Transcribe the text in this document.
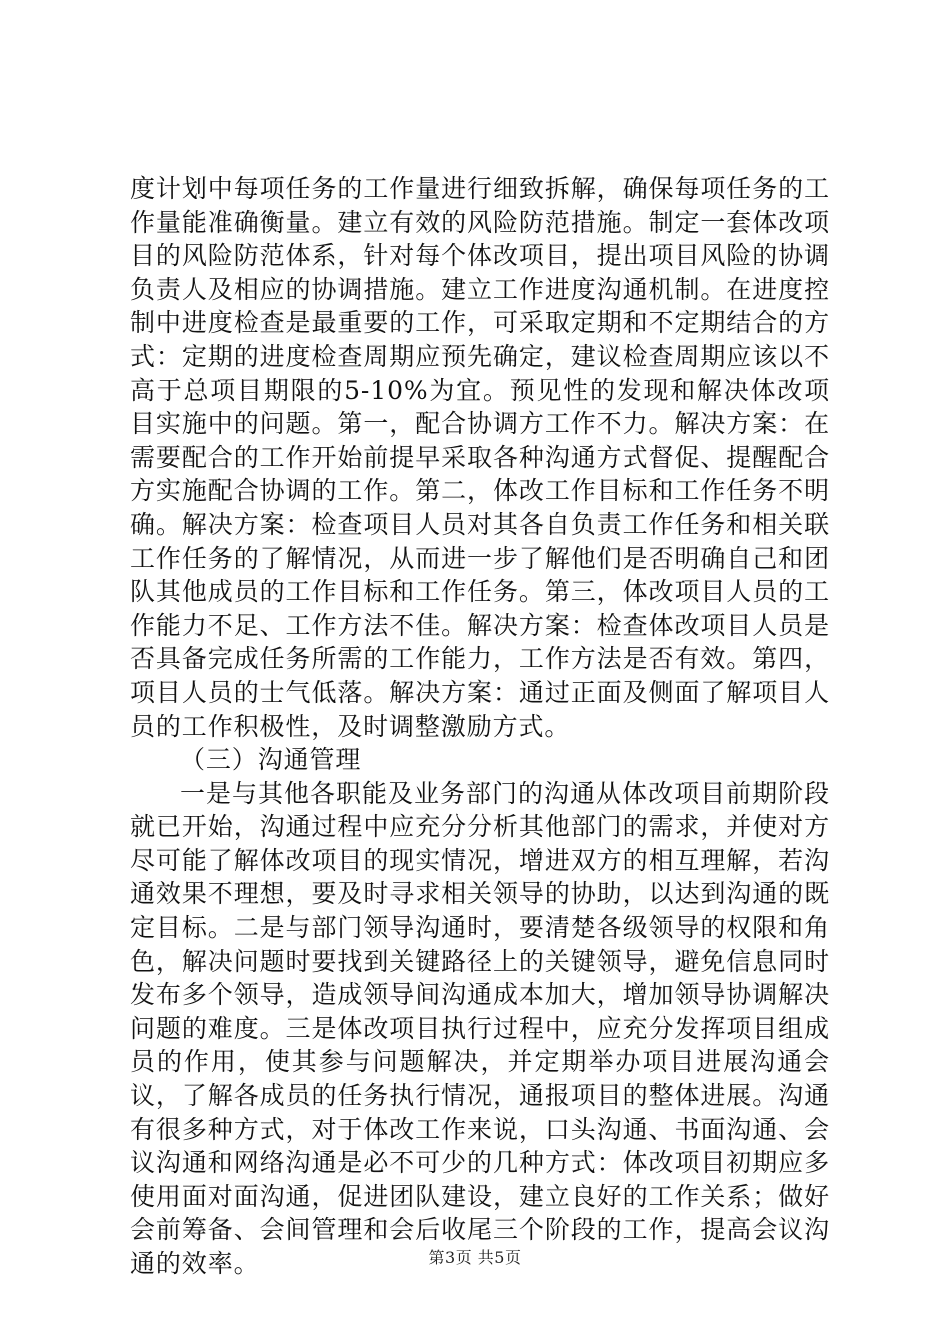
度计划中每项任务的工作量进行细致拆解，确保每项任务的工作量能准确衡量。建立有效的风险防范措施。制定一套体改项目的风险防范体系，针对每个体改项目，提出项目风险的协调负责人及相应的协调措施。建立工作进度沟通机制。在进度控制中进度检查是最重要的工作，可采取定期和不定期结合的方式：定期的进度检查周期应预先确定，建议检查周期应该以不高于总项目期限的5-10%为宜。预见性的发现和解决体改项目实施中的问题。第一，配合协调方工作不力。解决方案：在需要配合的工作开始前提早采取各种沟通方式督促、提醒配合方实施配合协调的工作。第二，体改工作目标和工作任务不明确。解决方案：检查项目人员对其各自负责工作任务和相关联工作任务的了解情况，从而进一步了解他们是否明确自己和团队其他成员的工作目标和工作任务。第三，体改项目人员的工作能力不足、工作方法不佳。解决方案：检查体改项目人员是否具备完成任务所需的工作能力，工作方法是否有效。第四，项目人员的士气低落。解决方案：通过正面及侧面了解项目人员的工作积极性，及时调整激励方式。

（三）沟通管理

一是与其他各职能及业务部门的沟通从体改项目前期阶段就已开始，沟通过程中应充分分析其他部门的需求，并使对方尽可能了解体改项目的现实情况，增进双方的相互理解，若沟通效果不理想，要及时寻求相关领导的协助，以达到沟通的既定目标。二是与部门领导沟通时，要清楚各级领导的权限和角色，解决问题时要找到关键路径上的关键领导，避免信息同时发布多个领导，造成领导间沟通成本加大，增加领导协调解决问题的难度。三是体改项目执行过程中，应充分发挥项目组成员的作用，使其参与问题解决，并定期举办项目进展沟通会议，了解各成员的任务执行情况，通报项目的整体进展。沟通有很多种方式，对于体改工作来说，口头沟通、书面沟通、会议沟通和网络沟通是必不可少的几种方式：体改项目初期应多使用面对面沟通，促进团队建设，建立良好的工作关系；做好会前筹备、会间管理和会后收尾三个阶段的工作，提高会议沟通的效率。	第3页 共5页
